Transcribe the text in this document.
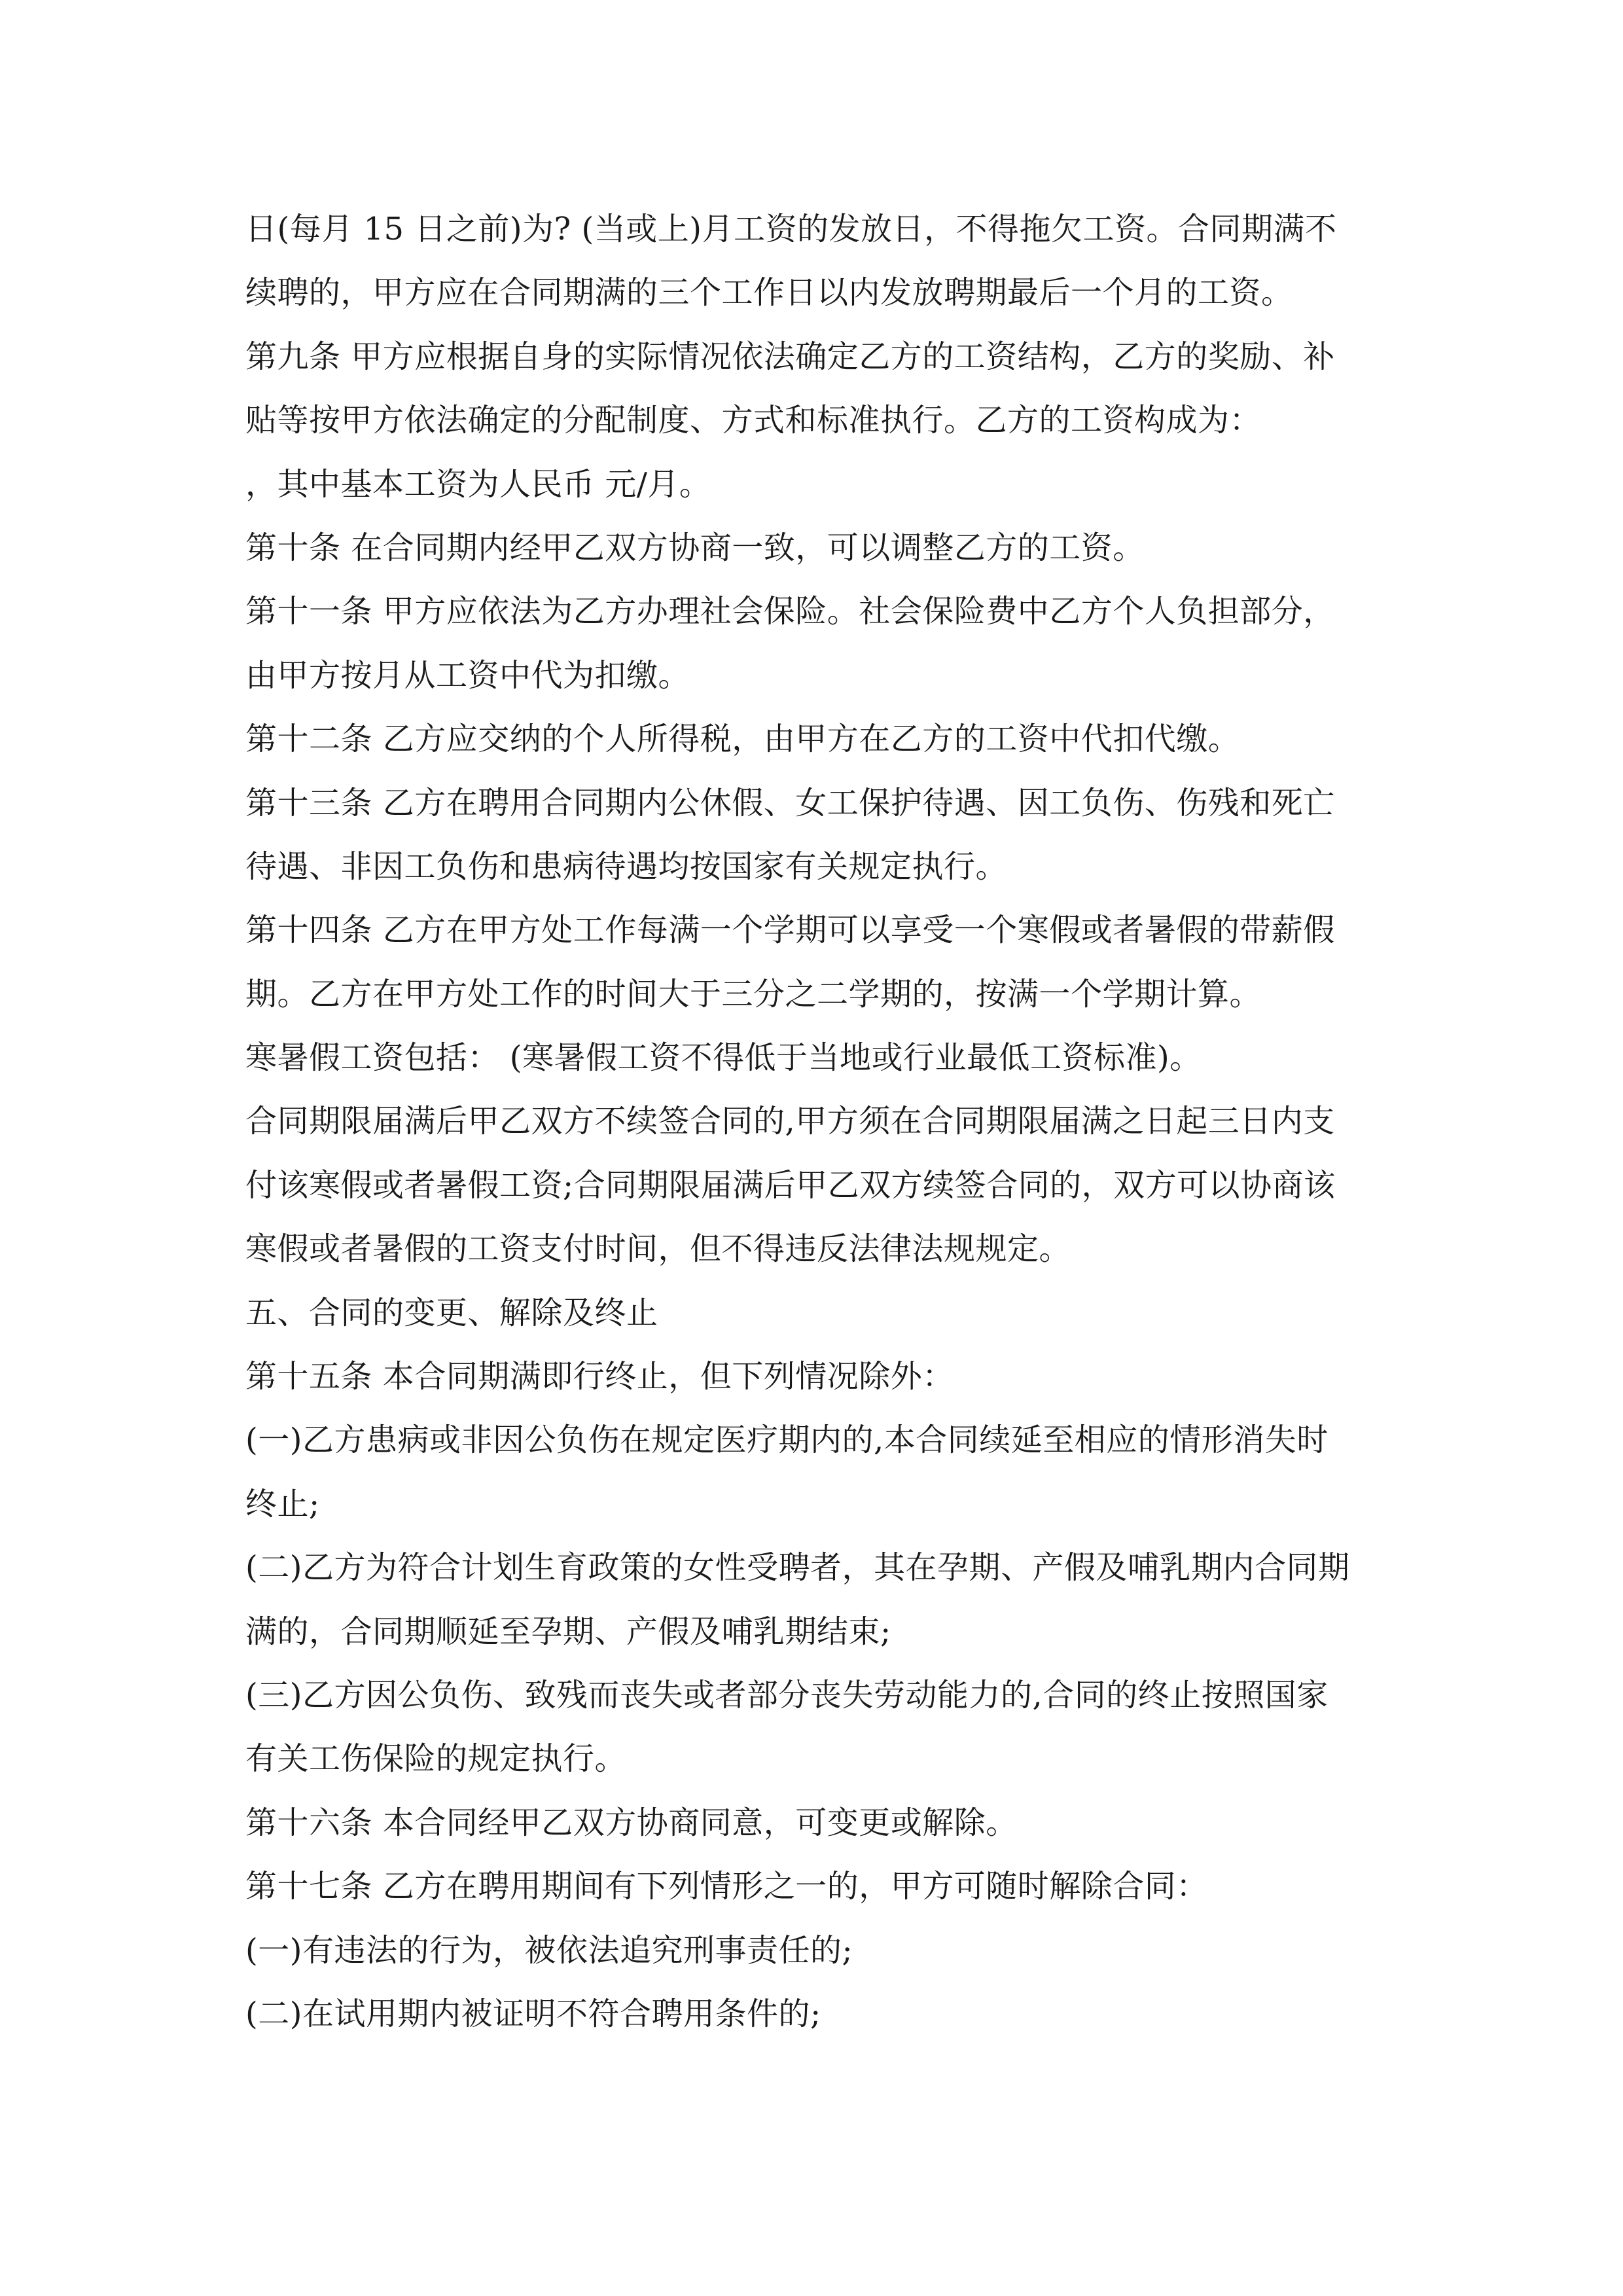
日(每月 15 日之前)为? (当或上)月工资的发放日，不得拖欠工资。合同期满不
续聘的，甲方应在合同期满的三个工作日以内发放聘期最后一个月的工资。
第九条 甲方应根据自身的实际情况依法确定乙方的工资结构，乙方的奖励、补
贴等按甲方依法确定的分配制度、方式和标准执行。乙方的工资构成为：
，其中基本工资为人民币 元/月。
第十条 在合同期内经甲乙双方协商一致，可以调整乙方的工资。
第十一条 甲方应依法为乙方办理社会保险。社会保险费中乙方个人负担部分，
由甲方按月从工资中代为扣缴。
第十二条 乙方应交纳的个人所得税，由甲方在乙方的工资中代扣代缴。
第十三条 乙方在聘用合同期内公休假、女工保护待遇、因工负伤、伤残和死亡
待遇、非因工负伤和患病待遇均按国家有关规定执行。
第十四条 乙方在甲方处工作每满一个学期可以享受一个寒假或者暑假的带薪假
期。乙方在甲方处工作的时间大于三分之二学期的，按满一个学期计算。
寒暑假工资包括： (寒暑假工资不得低于当地或行业最低工资标准)。
合同期限届满后甲乙双方不续签合同的,甲方须在合同期限届满之日起三日内支
付该寒假或者暑假工资;合同期限届满后甲乙双方续签合同的，双方可以协商该
寒假或者暑假的工资支付时间，但不得违反法律法规规定。
五、合同的变更、解除及终止
第十五条 本合同期满即行终止，但下列情况除外：
(一)乙方患病或非因公负伤在规定医疗期内的,本合同续延至相应的情形消失时
终止;
(二)乙方为符合计划生育政策的女性受聘者，其在孕期、产假及哺乳期内合同期
满的，合同期顺延至孕期、产假及哺乳期结束;
(三)乙方因公负伤、致残而丧失或者部分丧失劳动能力的,合同的终止按照国家
有关工伤保险的规定执行。
第十六条 本合同经甲乙双方协商同意，可变更或解除。
第十七条 乙方在聘用期间有下列情形之一的，甲方可随时解除合同：
(一)有违法的行为，被依法追究刑事责任的;
(二)在试用期内被证明不符合聘用条件的;
